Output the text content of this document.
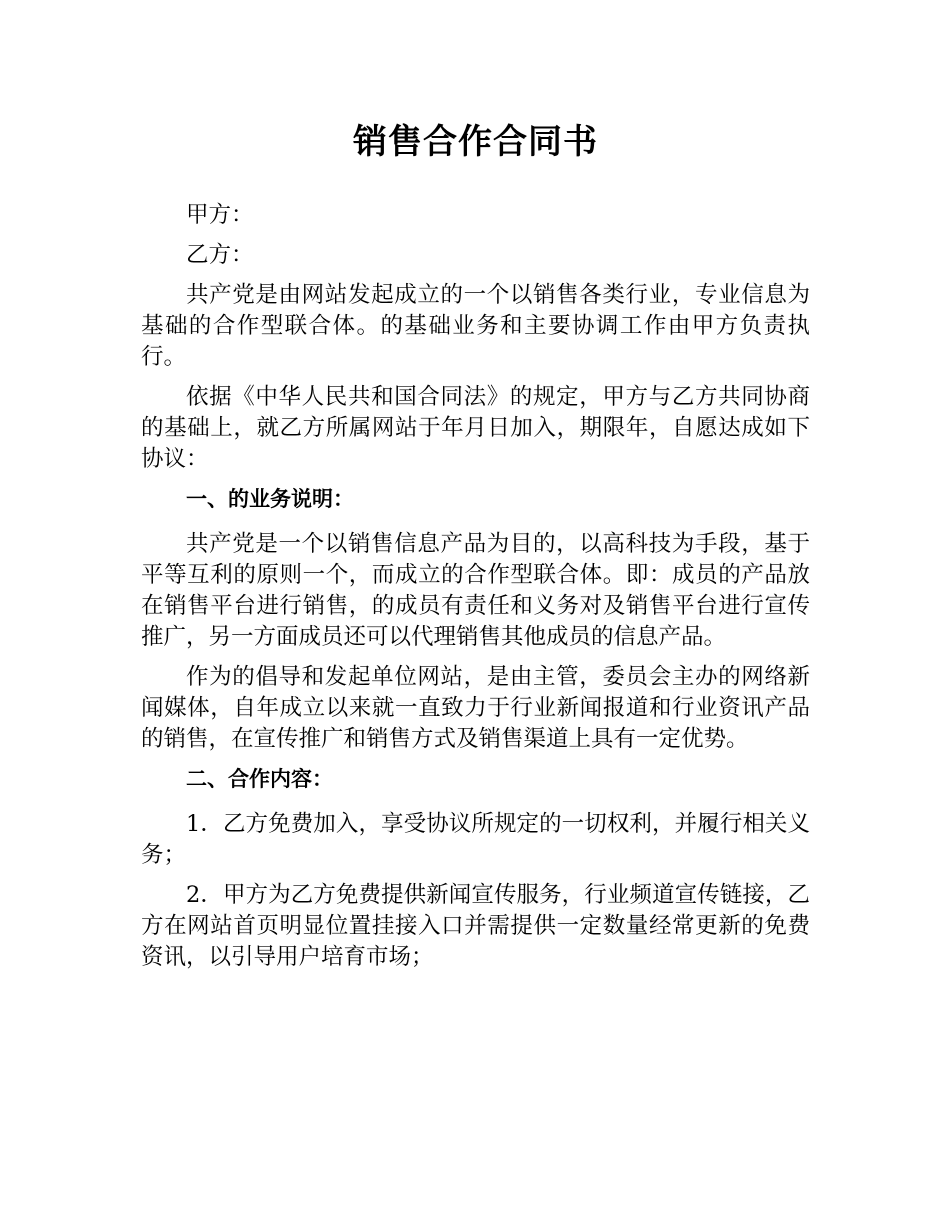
销售合作合同书

甲方：

乙方：

共产党是由网站发起成立的一个以销售各类行业，专业信息为基础的合作型联合体。的基础业务和主要协调工作由甲方负责执行。

依据《中华人民共和国合同法》的规定，甲方与乙方共同协商的基础上，就乙方所属网站于年月日加入，期限年，自愿达成如下协议：

一、的业务说明：

共产党是一个以销售信息产品为目的，以高科技为手段，基于平等互利的原则一个，而成立的合作型联合体。即：成员的产品放在销售平台进行销售，的成员有责任和义务对及销售平台进行宣传推广，另一方面成员还可以代理销售其他成员的信息产品。

作为的倡导和发起单位网站，是由主管，委员会主办的网络新闻媒体，自年成立以来就一直致力于行业新闻报道和行业资讯产品的销售，在宣传推广和销售方式及销售渠道上具有一定优势。

二、合作内容：

1．乙方免费加入，享受协议所规定的一切权利，并履行相关义务；

2．甲方为乙方免费提供新闻宣传服务，行业频道宣传链接，乙方在网站首页明显位置挂接入口并需提供一定数量经常更新的免费资讯，以引导用户培育市场；
